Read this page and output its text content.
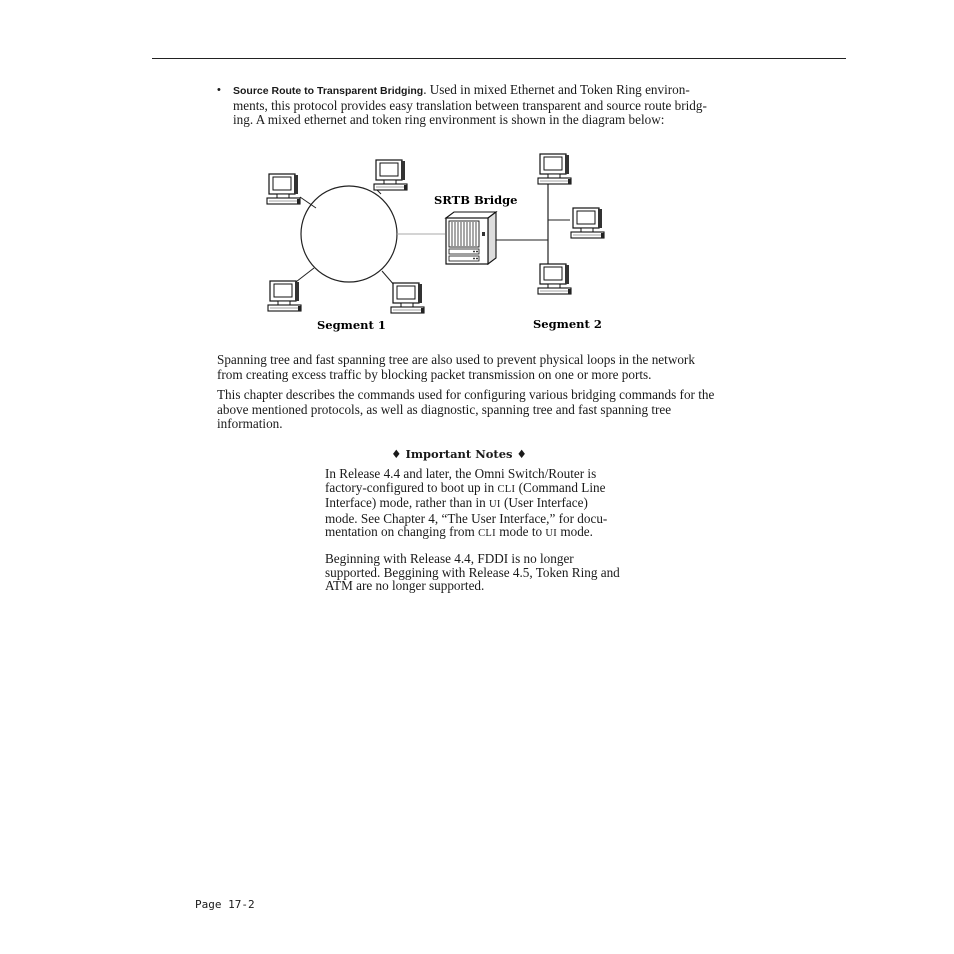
• Source Route to Transparent Bridging. Used in mixed Ethernet and Token Ring environ-
ments, this protocol provides easy translation between transparent and source route bridg-
ing. A mixed ethernet and token ring environment is shown in the diagram below:
SRTB Bridge
Segment 1	Segment 2
Spanning tree and fast spanning tree are also used to prevent physical loops in the network
from creating excess traffic by blocking packet transmission on one or more ports.
This chapter describes the commands used for configuring various bridging commands for the
above mentioned protocols, as well as diagnostic, spanning tree and fast spanning tree
information.
♦ Important Notes ♦
In Release 4.4 and later, the Omni Switch/Router is
factory-configured to boot up in CLI (Command Line
Interface) mode, rather than in UI (User Interface)
mode. See Chapter 4, “The User Interface,” for docu-
mentation on changing from CLI mode to UI mode.
Beginning with Release 4.4, FDDI is no longer
supported. Beggining with Release 4.5, Token Ring and
ATM are no longer supported.
Page 17-2
